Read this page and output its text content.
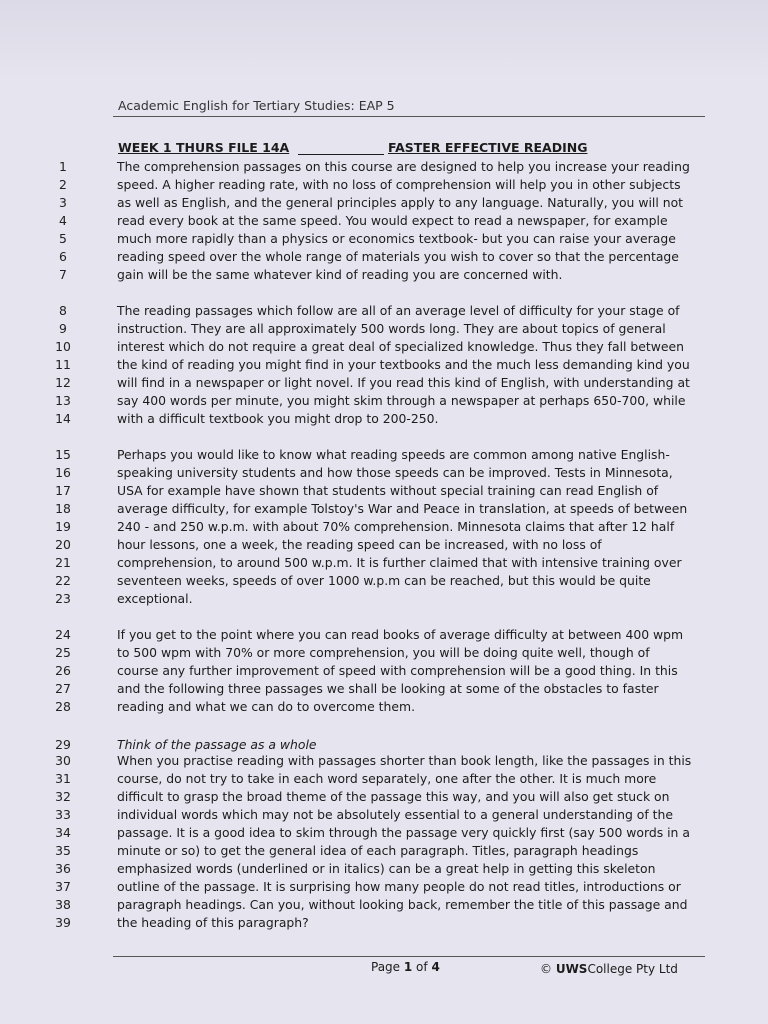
Academic English for Tertiary Studies: EAP 5
WEEK 1 THURS FILE 14A	FASTER EFFECTIVE READING
1	The comprehension passages on this course are designed to help you increase your reading
2	speed. A higher reading rate, with no loss of comprehension will help you in other subjects
3	as well as English, and the general principles apply to any language. Naturally, you will not
4	read every book at the same speed. You would expect to read a newspaper, for example
5	much more rapidly than a physics or economics textbook- but you can raise your average
6	reading speed over the whole range of materials you wish to cover so that the percentage
7	gain will be the same whatever kind of reading you are concerned with.
8	The reading passages which follow are all of an average level of difficulty for your stage of
9	instruction. They are all approximately 500 words long. They are about topics of general
10	interest which do not require a great deal of specialized knowledge. Thus they fall between
11	the kind of reading you might find in your textbooks and the much less demanding kind you
12	will find in a newspaper or light novel. If you read this kind of English, with understanding at
13	say 400 words per minute, you might skim through a newspaper at perhaps 650-700, while
14	with a difficult textbook you might drop to 200-250.
15	Perhaps you would like to know what reading speeds are common among native English-
16	speaking university students and how those speeds can be improved. Tests in Minnesota,
17	USA for example have shown that students without special training can read English of
18	average difficulty, for example Tolstoy's War and Peace in translation, at speeds of between
19	240 - and 250 w.p.m. with about 70% comprehension. Minnesota claims that after 12 half
20	hour lessons, one a week, the reading speed can be increased, with no loss of
21	comprehension, to around 500 w.p.m. It is further claimed that with intensive training over
22	seventeen weeks, speeds of over 1000 w.p.m can be reached, but this would be quite
23	exceptional.
24	If you get to the point where you can read books of average difficulty at between 400 wpm
25	to 500 wpm with 70% or more comprehension, you will be doing quite well, though of
26	course any further improvement of speed with comprehension will be a good thing. In this
27	and the following three passages we shall be looking at some of the obstacles to faster
28	reading and what we can do to overcome them.
29	Think of the passage as a whole
30	When you practise reading with passages shorter than book length, like the passages in this
31	course, do not try to take in each word separately, one after the other. It is much more
32	difficult to grasp the broad theme of the passage this way, and you will also get stuck on
33	individual words which may not be absolutely essential to a general understanding of the
34	passage. It is a good idea to skim through the passage very quickly first (say 500 words in a
35	minute or so) to get the general idea of each paragraph. Titles, paragraph headings
36	emphasized words (underlined or in italics) can be a great help in getting this skeleton
37	outline of the passage. It is surprising how many people do not read titles, introductions or
38	paragraph headings. Can you, without looking back, remember the title of this passage and
39	the heading of this paragraph?
Page 1 of 4	© UWSCollege Pty Ltd
